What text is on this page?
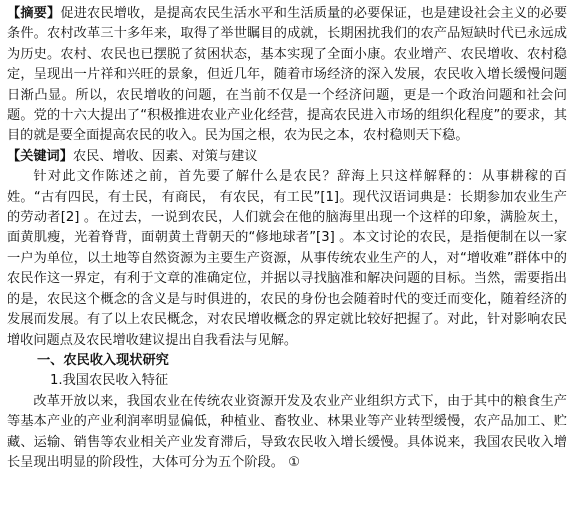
【摘要】促进农民增收，是提高农民生活水平和生活质量的必要保证，也是建设社会主义的必要条件。农村改革三十多年来，取得了举世瞩目的成就，长期困扰我们的农产品短缺时代已永远成为历史。农村、农民也已摆脱了贫困状态，基本实现了全面小康。农业增产、农民增收、农村稳定，呈现出一片祥和兴旺的景象，但近几年，随着市场经济的深入发展，农民收入增长缓慢问题日渐凸显。所以，农民增收的问题，在当前不仅是一个经济问题，更是一个政治问题和社会问题。党的十六大提出了“积极推进农业产业化经营，提高农民进入市场的组织化程度”的要求，其目的就是要全面提高农民的收入。民为国之根，农为民之本，农村稳则天下稳。

【关键词】农民、增收、因素、对策与建议

针对此文作陈述之前，首先要了解什么是农民？辞海上只这样解释的：从事耕稼的百姓。“古有四民，有士民，有商民， 有农民，有工民”[1]。现代汉语词典是：长期参加农业生产的劳动者[2] 。在过去，一说到农民，人们就会在他的脑海里出现一个这样的印象，满脸灰土， 面黄肌瘦，光着脊背，面朝黄土背朝天的“修地球者”[3] 。本文讨论的农民，是指便制在以一家一户为单位，以土地等自然资源为主要生产资源，从事传统农业生产的人，对“增收难”群体中的农民作这一界定，有利于文章的准确定位，并据以寻找脑准和解决问题的目标。当然，需要指出的是，农民这个概念的含义是与时俱进的，农民的身份也会随着时代的变迁而变化，随着经济的发展而发展。有了以上农民概念，对农民增收概念的界定就比较好把握了。对此，针对影响农民增收问题点及农民增收建议提出自我看法与见解。

一、农民收入现状研究

1.我国农民收入特征

改革开放以来，我国农业在传统农业资源开发及农业产业组织方式下，由于其中的粮食生产等基本产业的产业利润率明显偏低，种植业、畜牧业、林果业等产业转型缓慢，农产品加工、贮藏、运输、销售等农业相关产业发育滞后，导致农民收入增长缓慢。具体说来，我国农民收入增长呈现出明显的阶段性，大体可分为五个阶段。 ①
